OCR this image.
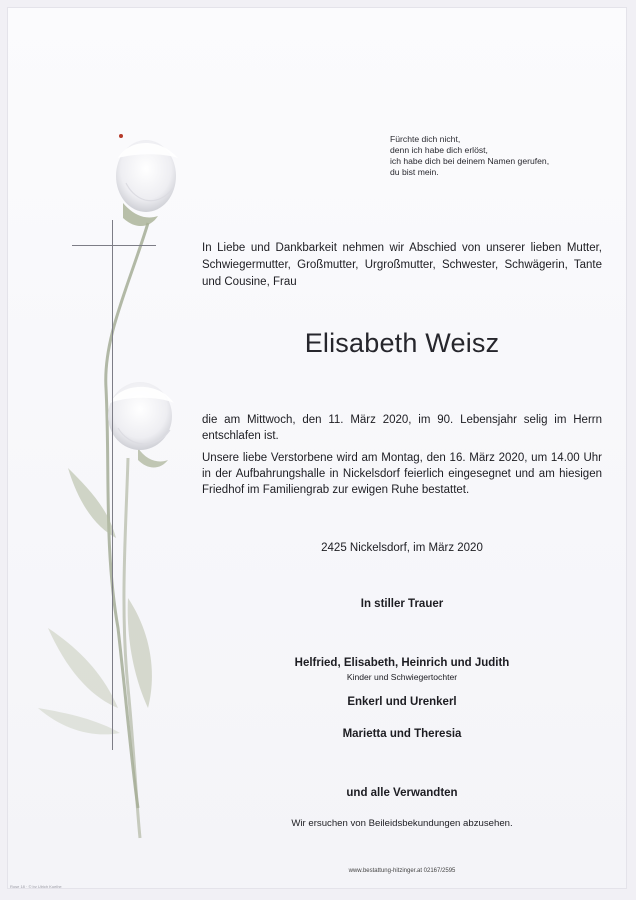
Fürchte dich nicht,
denn ich habe dich erlöst,
ich habe dich bei deinem Namen gerufen,
du bist mein.
In Liebe und Dankbarkeit nehmen wir Abschied von unserer lieben Mutter, Schwiegermutter, Großmutter, Urgroßmutter, Schwester, Schwägerin, Tante und Cousine, Frau
Elisabeth Weisz
die am Mittwoch, den 11. März 2020, im 90. Lebensjahr selig im Herrn entschlafen ist.
Unsere liebe Verstorbene wird am Montag, den 16. März 2020, um 14.00 Uhr in der Aufbahrungshalle in Nickelsdorf feierlich eingesegnet und am hiesigen Friedhof im Familiengrab zur ewigen Ruhe bestattet.
2425 Nickelsdorf, im März 2020
In stiller Trauer
Helfried, Elisabeth, Heinrich und Judith
Kinder und Schwiegertochter
Enkerl und Urenkerl
Marietta und Theresia
und alle Verwandten
Wir ersuchen von Beileidsbekundungen abzusehen.
www.bestattung-hitzinger.at 02167/2595
Rose 18 · © by Ulrich Kuelhe
